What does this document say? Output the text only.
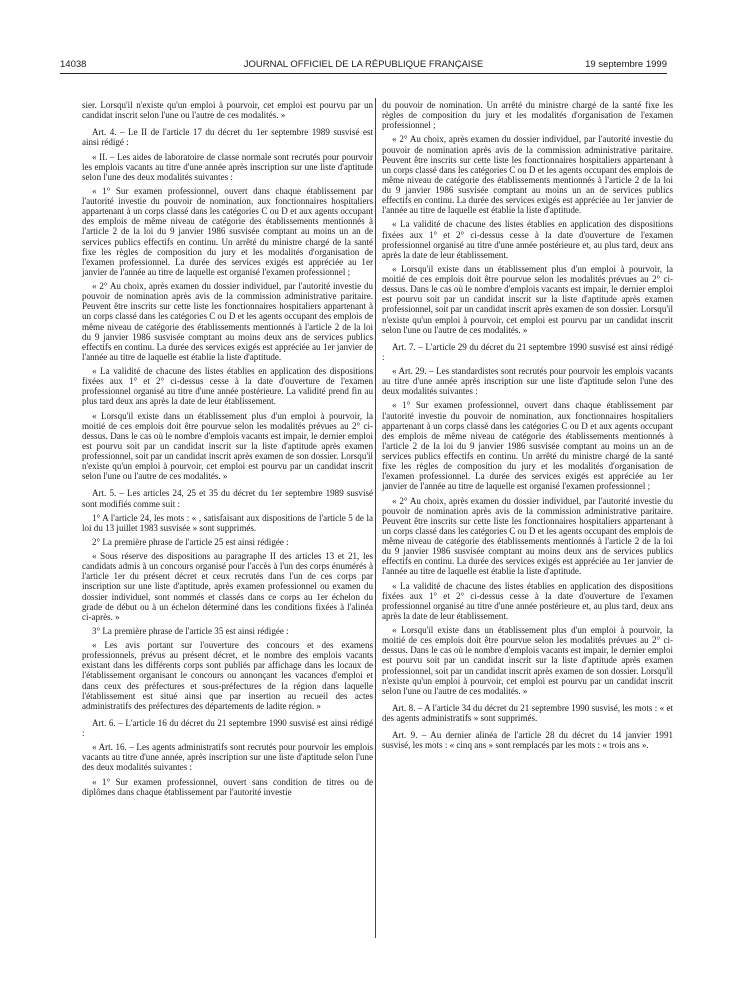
14038	JOURNAL OFFICIEL DE LA RÉPUBLIQUE FRANÇAISE	19 septembre 1999

sier. Lorsqu'il n'existe qu'un emploi à pourvoir, cet emploi est pourvu par un candidat inscrit selon l'une ou l'autre de ces modalités. »

Art. 4. – Le II de l'article 17 du décret du 1er septembre 1989 susvisé est ainsi rédigé :

« II. – Les aides de laboratoire de classe normale sont recrutés pour pourvoir les emplois vacants au titre d'une année après inscription sur une liste d'aptitude selon l'une des deux modalités suivantes :

« 1° Sur examen professionnel, ouvert dans chaque établissement par l'autorité investie du pouvoir de nomination, aux fonctionnaires hospitaliers appartenant à un corps classé dans les catégories C ou D et aux agents occupant des emplois de même niveau de catégorie des établissements mentionnés à l'article 2 de la loi du 9 janvier 1986 susvisée comptant au moins un an de services publics effectifs en continu. Un arrêté du ministre chargé de la santé fixe les règles de composition du jury et les modalités d'organisation de l'examen professionnel. La durée des services exigés est appréciée au 1er janvier de l'année au titre de laquelle est organisé l'examen professionnel ;

« 2° Au choix, après examen du dossier individuel, par l'autorité investie du pouvoir de nomination après avis de la commission administrative paritaire. Peuvent être inscrits sur cette liste les fonctionnaires hospitaliers appartenant à un corps classé dans les catégories C ou D et les agents occupant des emplois de même niveau de catégorie des établissements mentionnés à l'article 2 de la loi du 9 janvier 1986 susvisée comptant au moins deux ans de services publics effectifs en continu. La durée des services exigés est appréciée au 1er janvier de l'année au titre de laquelle est établie la liste d'aptitude.

« La validité de chacune des listes établies en application des dispositions fixées aux 1° et 2° ci-dessus cesse à la date d'ouverture de l'examen professionnel organisé au titre d'une année postérieure. La validité prend fin au plus tard deux ans après la date de leur établissement.

« Lorsqu'il existe dans un établissement plus d'un emploi à pourvoir, la moitié de ces emplois doit être pourvue selon les modalités prévues au 2° ci-dessus. Dans le cas où le nombre d'emplois vacants est impair, le dernier emploi est pourvu soit par un candidat inscrit sur la liste d'aptitude après examen professionnel, soit par un candidat inscrit après examen de son dossier. Lorsqu'il n'existe qu'un emploi à pourvoir, cet emploi est pourvu par un candidat inscrit selon l'une ou l'autre de ces modalités. »

Art. 5. – Les articles 24, 25 et 35 du décret du 1er septembre 1989 susvisé sont modifiés comme suit :

1° A l'article 24, les mots : « , satisfaisant aux dispositions de l'article 5 de la loi du 13 juillet 1983 susvisée » sont supprimés.

2° La première phrase de l'article 25 est ainsi rédigée :

« Sous réserve des dispositions au paragraphe II des articles 13 et 21, les candidats admis à un concours organisé pour l'accès à l'un des corps énumérés à l'article 1er du présent décret et ceux recrutés dans l'un de ces corps par inscription sur une liste d'aptitude, après examen professionnel ou examen du dossier individuel, sont nommés et classés dans ce corps au 1er échelon du grade de début ou à un échelon déterminé dans les conditions fixées à l'alinéa ci-après. »

3° La première phrase de l'article 35 est ainsi rédigée :

« Les avis portant sur l'ouverture des concours et des examens professionnels, prévus au présent décret, et le nombre des emplois vacants existant dans les différents corps sont publiés par affichage dans les locaux de l'établissement organisant le concours ou annonçant les vacances d'emploi et dans ceux des préfectures et sous-préfectures de la région dans laquelle l'établissement est situé ainsi que par insertion au recueil des actes administratifs des préfectures des départements de ladite région. »

Art. 6. – L'article 16 du décret du 21 septembre 1990 susvisé est ainsi rédigé :

« Art. 16. – Les agents administratifs sont recrutés pour pourvoir les emplois vacants au titre d'une année, après inscription sur une liste d'aptitude selon l'une des deux modalités suivantes :

« 1° Sur examen professionnel, ouvert sans condition de titres ou de diplômes dans chaque établissement par l'autorité investie

du pouvoir de nomination. Un arrêté du ministre chargé de la santé fixe les règles de composition du jury et les modalités d'organisation de l'examen professionnel ;

« 2° Au choix, après examen du dossier individuel, par l'autorité investie du pouvoir de nomination après avis de la commission administrative paritaire. Peuvent être inscrits sur cette liste les fonctionnaires hospitaliers appartenant à un corps classé dans les catégories C ou D et les agents occupant des emplois de même niveau de catégorie des établissements mentionnés à l'article 2 de la loi du 9 janvier 1986 susvisée comptant au moins un an de services publics effectifs en continu. La durée des services exigés est appréciée au 1er janvier de l'année au titre de laquelle est établie la liste d'aptitude.

« La validité de chacune des listes établies en application des dispositions fixées aux 1° et 2° ci-dessus cesse à la date d'ouverture de l'examen professionnel organisé au titre d'une année postérieure et, au plus tard, deux ans après la date de leur établissement.

« Lorsqu'il existe dans un établissement plus d'un emploi à pourvoir, la moitié de ces emplois doit être pourvue selon les modalités prévues au 2° ci-dessus. Dans le cas où le nombre d'emplois vacants est impair, le dernier emploi est pourvu soit par un candidat inscrit sur la liste d'aptitude après examen professionnel, soit par un candidat inscrit après examen de son dossier. Lorsqu'il n'existe qu'un emploi à pourvoir, cet emploi est pourvu par un candidat inscrit selon l'une ou l'autre de ces modalités. »

Art. 7. – L'article 29 du décret du 21 septembre 1990 susvisé est ainsi rédigé :

« Art. 29. – Les standardistes sont recrutés pour pourvoir les emplois vacants au titre d'une année après inscription sur une liste d'aptitude selon l'une des deux modalités suivantes :

« 1° Sur examen professionnel, ouvert dans chaque établissement par l'autorité investie du pouvoir de nomination, aux fonctionnaires hospitaliers appartenant à un corps classé dans les catégories C ou D et aux agents occupant des emplois de même niveau de catégorie des établissements mentionnés à l'article 2 de la loi du 9 janvier 1986 susvisée comptant au moins un an de services publics effectifs en continu. Un arrêté du ministre chargé de la santé fixe les règles de composition du jury et les modalités d'organisation de l'examen professionnel. La durée des services exigés est appréciée au 1er janvier de l'année au titre de laquelle est organisé l'examen professionnel ;

« 2° Au choix, après examen du dossier individuel, par l'autorité investie du pouvoir de nomination après avis de la commission administrative paritaire. Peuvent être inscrits sur cette liste les fonctionnaires hospitaliers appartenant à un corps classé dans les catégories C ou D et les agents occupant des emplois de même niveau de catégorie des établissements mentionnés à l'article 2 de la loi du 9 janvier 1986 susvisée comptant au moins deux ans de services publics effectifs en continu. La durée des services exigés est appréciée au 1er janvier de l'année au titre de laquelle est établie la liste d'aptitude.

« La validité de chacune des listes établies en application des dispositions fixées aux 1° et 2° ci-dessus cesse à la date d'ouverture de l'examen professionnel organisé au titre d'une année postérieure et, au plus tard, deux ans après la date de leur établissement.

« Lorsqu'il existe dans un établissement plus d'un emploi à pourvoir, la moitié de ces emplois doit être pourvue selon les modalités prévues au 2° ci-dessus. Dans le cas où le nombre d'emplois vacants est impair, le dernier emploi est pourvu soit par un candidat inscrit sur la liste d'aptitude après examen professionnel, soit par un candidat inscrit après examen de son dossier. Lorsqu'il n'existe qu'un emploi à pourvoir, cet emploi est pourvu par un candidat inscrit selon l'une ou l'autre de ces modalités. »

Art. 8. – A l'article 34 du décret du 21 septembre 1990 susvisé, les mots : « et des agents administratifs » sont supprimés.

Art. 9. – Au dernier alinéa de l'article 28 du décret du 14 janvier 1991 susvisé, les mots : « cinq ans » sont remplacés par les mots : « trois ans ».
